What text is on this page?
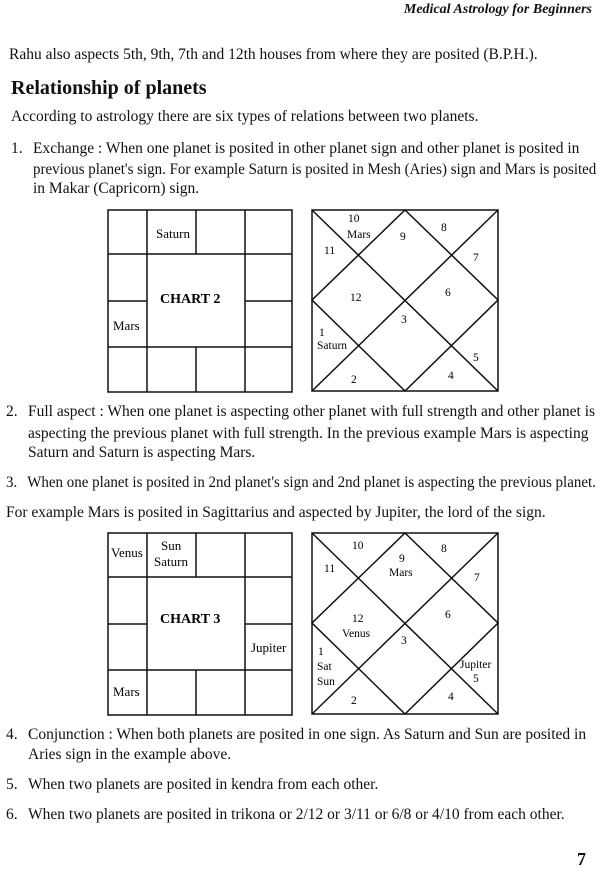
Medical Astrology for Beginners
Rahu also aspects 5th, 9th, 7th and 12th houses from where they are posited (B.P.H.).
Relationship of planets
According to astrology there are six types of relations between two planets.
1. Exchange : When one planet is posited in other planet sign and other planet is posited in
previous planet's sign. For example Saturn is posited in Mesh (Aries) sign and Mars is posited
in Makar (Capricorn) sign.
Saturn
CHART 2
Mars
10
Mars	9
8
11
7
12	6
3
1
Saturn
5
2	4
2. Full aspect : When one planet is aspecting other planet with full strength and other planet is
aspecting the previous planet with full strength. In the previous example Mars is aspecting
Saturn and Saturn is aspecting Mars.
3. When one planet is posited in 2nd planet's sign and 2nd planet is aspecting the previous planet.
For example Mars is posited in Sagittarius and aspected by Jupiter, the lord of the sign.
Venus Sun
Saturn
CHART 3
Jupiter
Mars
10
9
Mars
8
11
7
12
Venus
6
3
1
Sat
Sun
Jupiter
5
2	4
4. Conjunction : When both planets are posited in one sign. As Saturn and Sun are posited in
Aries sign in the example above.
5. When two planets are posited in kendra from each other.
6. When two planets are posited in trikona or 2/12 or 3/11 or 6/8 or 4/10 from each other.
7
